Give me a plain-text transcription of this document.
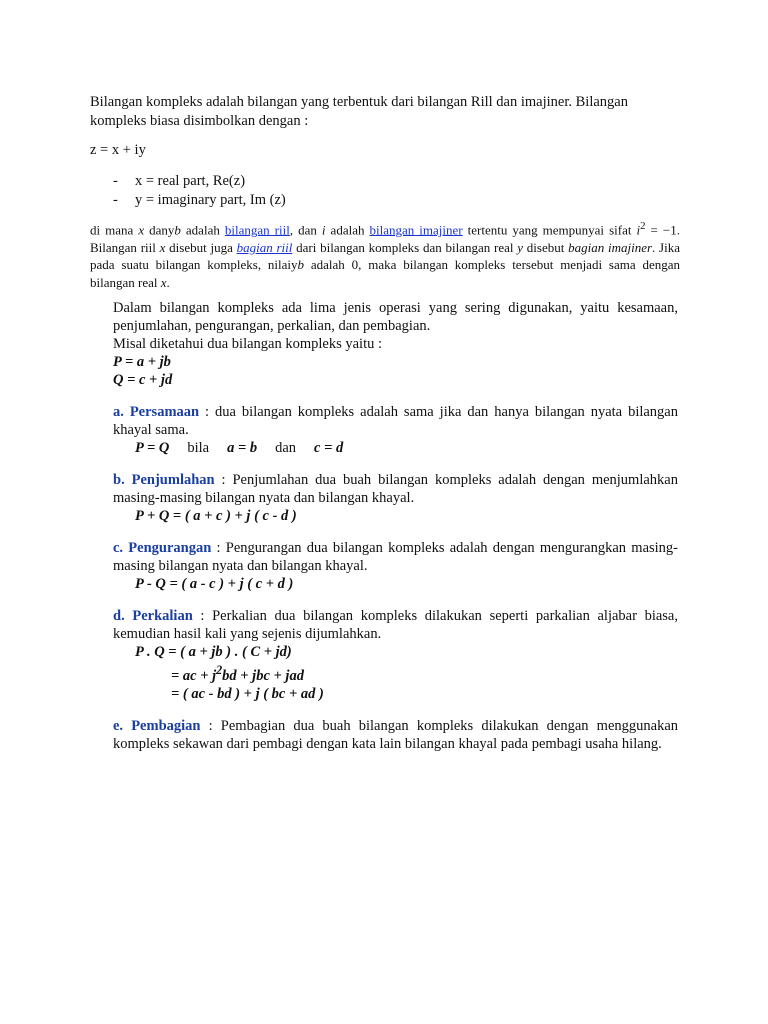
Bilangan kompleks adalah bilangan yang terbentuk dari bilangan Rill dan imajiner. Bilangan
kompleks biasa disimbolkan dengan :
z = x + iy
- x = real part, Re(z)
- y = imaginary part, Im (z)
di mana x danyb adalah bilangan riil, dan i adalah bilangan imajiner tertentu yang mempunyai sifat $i^2 = -1$. Bilangan riil x disebut juga bagian riil dari bilangan kompleks dan bilangan real y disebut bagian imajiner. Jika pada suatu bilangan kompleks, nilaiyb adalah 0, maka bilangan kompleks tersebut menjadi sama dengan bilangan real x.

Dalam bilangan kompleks ada lima jenis operasi yang sering digunakan, yaitu kesamaan, penjumlahan, pengurangan, perkalian, dan pembagian.

Misal diketahui dua bilangan kompleks yaitu :

P = a + jb

Q = c + jd

a. Persamaan : dua bilangan kompleks adalah sama jika dan hanya bilangan nyata bilangan khayal sama.

P = Q bila a = b dan c = d

b. Penjumlahan : Penjumlahan dua buah bilangan kompleks adalah dengan menjumlahkan masing-masing bilangan nyata dan bilangan khayal.

P + Q = ( a + c ) + j ( c - d )

c. Pengurangan : Pengurangan dua bilangan kompleks adalah dengan mengurangkan masing-masing bilangan nyata dan bilangan khayal.

P - Q = ( a - c ) + j ( c + d )

d. Perkalian : Perkalian dua bilangan kompleks dilakukan seperti parkalian aljabar biasa, kemudian hasil kali yang sejenis dijumlahkan.

P . Q = ( a + jb ) . ( C + jd)

= ac + $j^2bd$ + jbc + jad

= ( ac - bd ) + j ( bc + ad )

e. Pembagian : Pembagian dua buah bilangan kompleks dilakukan dengan menggunakan kompleks sekawan dari pembagi dengan kata lain bilangan khayal pada pembagi usaha hilang.
